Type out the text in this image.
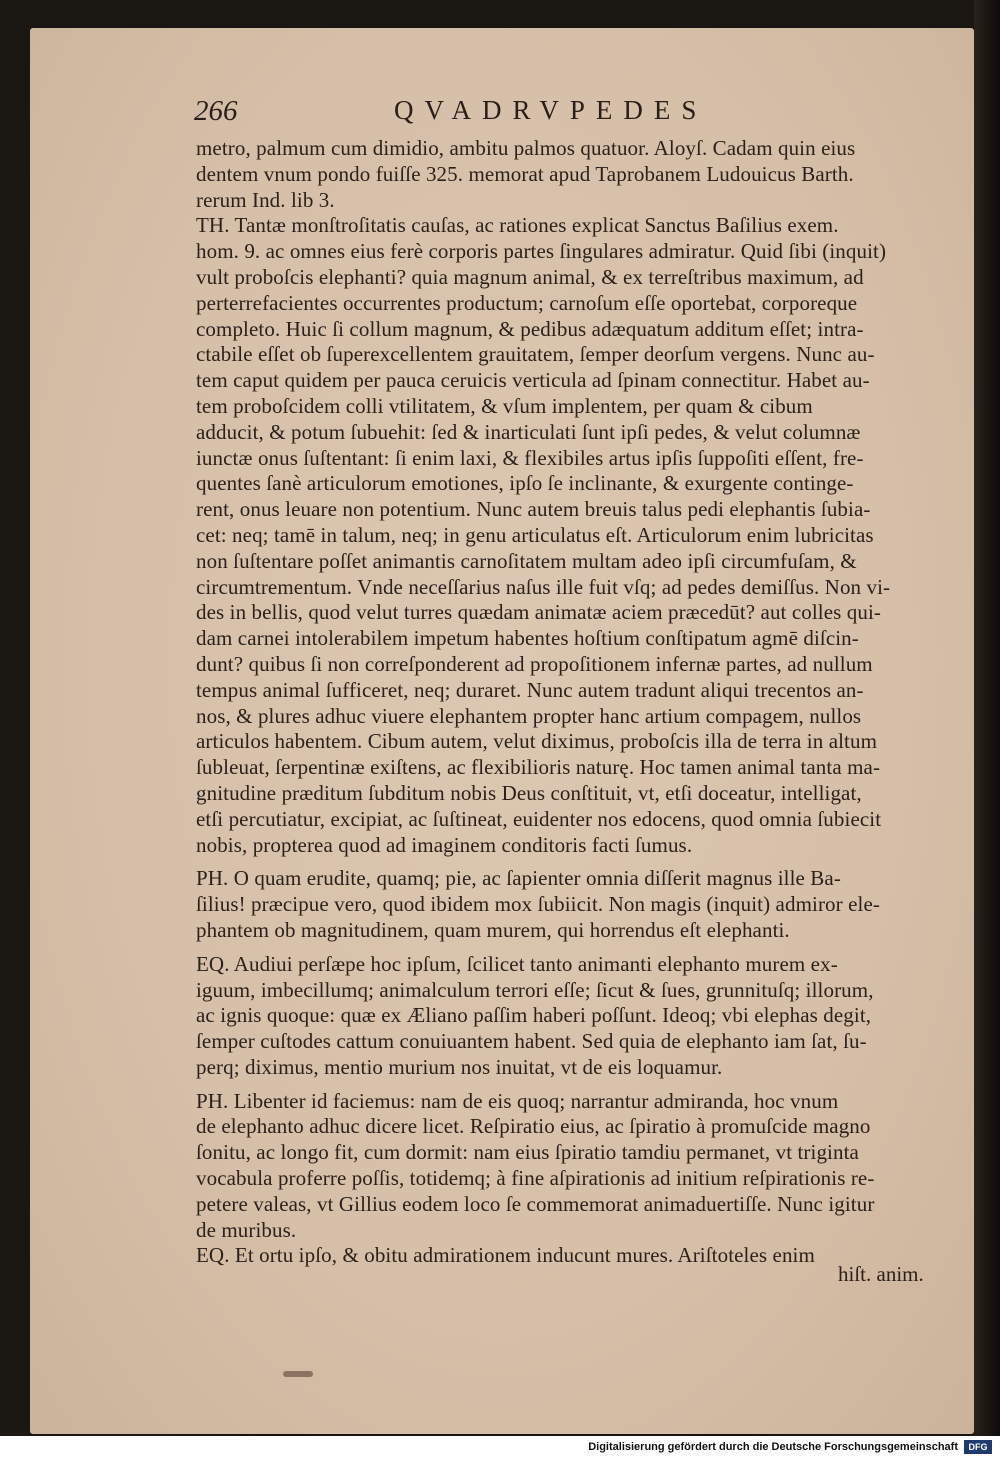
266	QVADRVPEDES
metro, palmum cum dimidio, ambitu palmos quatuor. Aloyſ. Cadam quin eius
dentem vnum pondo fuiſſe 325. memorat apud Taprobanem Ludouicus Barth.
rerum Ind. lib 3.
TH. Tantæ monſtroſitatis cauſas, ac rationes explicat Sanctus Baſilius exem.
hom. 9. ac omnes eius ferè corporis partes ſingulares admiratur. Quid ſibi (inquit)
vult proboſcis elephanti? quia magnum animal, & ex terreſtribus maximum, ad
perterrefacientes occurrentes productum; carnoſum eſſe oportebat, corporeque
completo. Huic ſi collum magnum, & pedibus adæquatum additum eſſet; intra-
ctabile eſſet ob ſuperexcellentem grauitatem, ſemper deorſum vergens. Nunc au-
tem caput quidem per pauca ceruicis verticula ad ſpinam connectitur. Habet au-
tem proboſcidem colli vtilitatem, & vſum implentem, per quam & cibum
adducit, & potum ſubuehit: ſed & inarticulati ſunt ipſi pedes, & velut columnæ
iunctæ onus ſuſtentant: ſi enim laxi, & flexibiles artus ipſis ſuppoſiti eſſent, fre-
quentes ſanè articulorum emotiones, ipſo ſe inclinante, & exurgente continge-
rent, onus leuare non potentium. Nunc autem breuis talus pedi elephantis ſubia-
cet: neq; tamē in talum, neq; in genu articulatus eſt. Articulorum enim lubricitas
non ſuſtentare poſſet animantis carnoſitatem multam adeo ipſi circumfuſam, &
circumtrementum. Vnde neceſſarius naſus ille fuit vſq; ad pedes demiſſus. Non vi-
des in bellis, quod velut turres quædam animatæ aciem præcedūt? aut colles qui-
dam carnei intolerabilem impetum habentes hoſtium conſtipatum agmē diſcin-
dunt? quibus ſi non correſponderent ad propoſitionem infernæ partes, ad nullum
tempus animal ſufficeret, neq; duraret. Nunc autem tradunt aliqui trecentos an-
nos, & plures adhuc viuere elephantem propter hanc artium compagem, nullos
articulos habentem. Cibum autem, velut diximus, proboſcis illa de terra in altum
ſubleuat, ſerpentinæ exiſtens, ac flexibilioris naturę. Hoc tamen animal tanta ma-
gnitudine præditum ſubditum nobis Deus conſtituit, vt, etſi doceatur, intelligat,
etſi percutiatur, excipiat, ac ſuſtineat, euidenter nos edocens, quod omnia ſubiecit
nobis, propterea quod ad imaginem conditoris facti ſumus.
PH. O quam erudite, quamq; pie, ac ſapienter omnia diſſerit magnus ille Ba-
ſilius! præcipue vero, quod ibidem mox ſubiicit. Non magis (inquit) admiror ele-
phantem ob magnitudinem, quam murem, qui horrendus eſt elephanti.
EQ. Audiui perſæpe hoc ipſum, ſcilicet tanto animanti elephanto murem ex-
iguum, imbecillumq; animalculum terrori eſſe; ſicut & ſues, grunnituſq; illorum,
ac ignis quoque: quæ ex Æliano paſſim haberi poſſunt. Ideoq; vbi elephas degit,
ſemper cuſtodes cattum conuiuantem habent. Sed quia de elephanto iam ſat, ſu-
perq; diximus, mentio murium nos inuitat, vt de eis loquamur.
PH. Libenter id faciemus: nam de eis quoq; narrantur admiranda, hoc vnum
de elephanto adhuc dicere licet. Reſpiratio eius, ac ſpiratio à promuſcide magno
ſonitu, ac longo fit, cum dormit: nam eius ſpiratio tamdiu permanet, vt triginta
vocabula proferre poſſis, totidemq; à fine aſpirationis ad initium reſpirationis re-
petere valeas, vt Gillius eodem loco ſe commemorat animaduertiſſe. Nunc igitur
de muribus.
EQ. Et ortu ipſo, & obitu admirationem inducunt mures. Ariſtoteles enim
hiſt. anim.
Digitalisierung gefördert durch die Deutsche Forschungsgemeinschaft	DFG
